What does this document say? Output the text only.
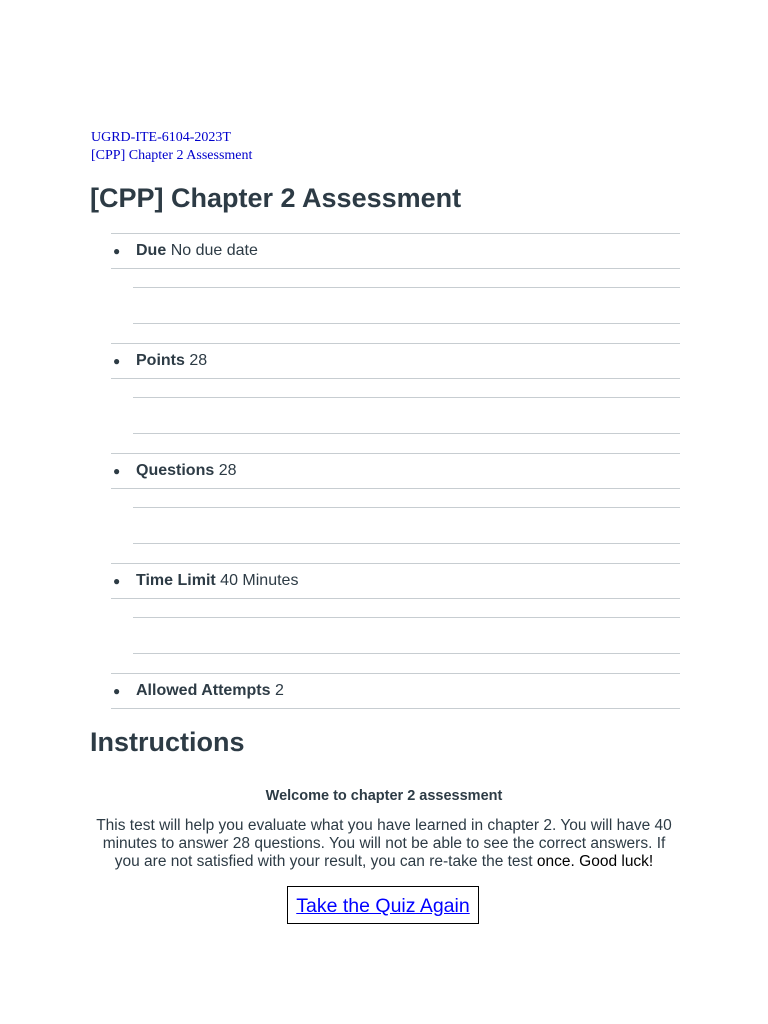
UGRD-ITE-6104-2023T
[CPP] Chapter 2 Assessment
[CPP] Chapter 2 Assessment
● Due No due date
● Points 28
● Questions 28
● Time Limit 40 Minutes
● Allowed Attempts 2
Instructions
Welcome to chapter 2 assessment
This test will help you evaluate what you have learned in chapter 2. You will have 40 minutes to answer 28 questions. You will not be able to see the correct answers. If you are not satisfied with your result, you can re-take the test once. Good luck!
Take the Quiz Again
